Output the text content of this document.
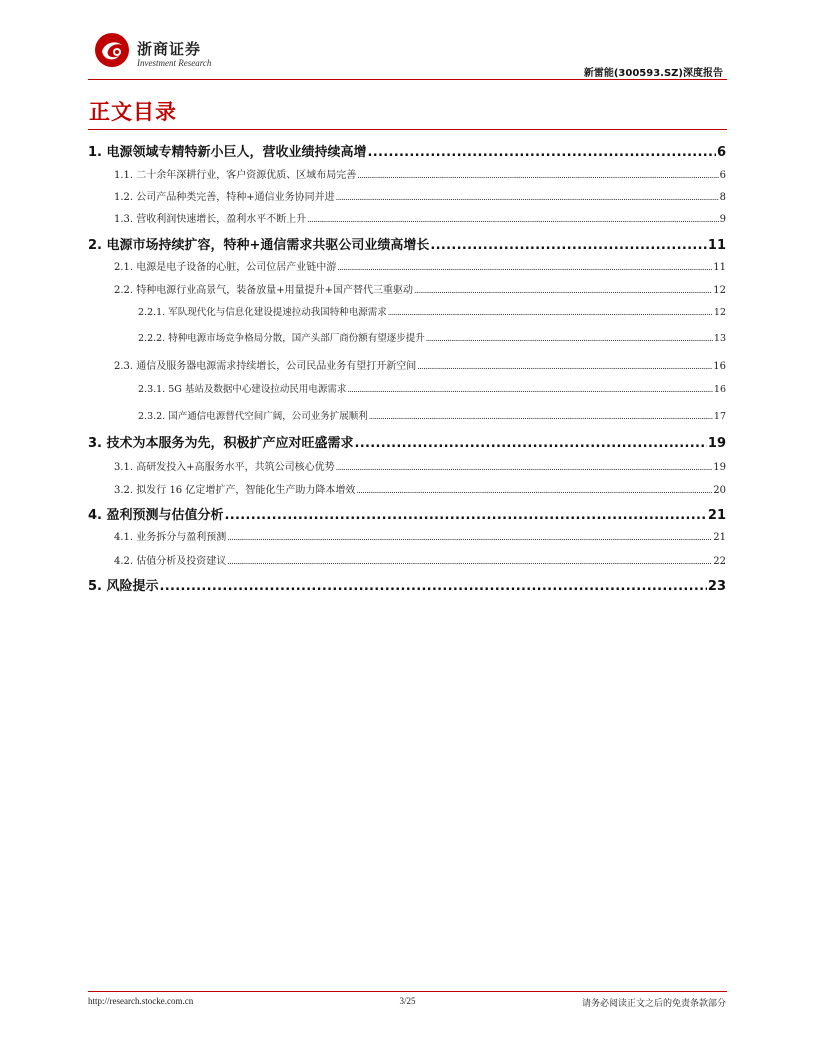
浙商证券
Investment Research
新雷能(300593.SZ)深度报告
正文目录
1. 电源领域专精特新小巨人，营收业绩持续高增 .....	6
1.1. 二十余年深耕行业，客户资源优质、区域布局完善 .....	6
1.2. 公司产品种类完善，特种+通信业务协同并进 .....	8
1.3. 营收利润快速增长，盈利水平不断上升 .....	9
2. 电源市场持续扩容，特种+通信需求共驱公司业绩高增长 .....	11
2.1. 电源是电子设备的心脏，公司位居产业链中游 .....	11
2.2. 特种电源行业高景气，装备放量+用量提升+国产替代三重驱动 .....	12
2.2.1. 军队现代化与信息化建设提速拉动我国特种电源需求 .....	12
2.2.2. 特种电源市场竞争格局分散，国产头部厂商份额有望逐步提升 .....	13
2.3. 通信及服务器电源需求持续增长，公司民品业务有望打开新空间 .....	16
2.3.1. 5G 基站及数据中心建设拉动民用电源需求 .....	16
2.3.2. 国产通信电源替代空间广阔，公司业务扩展顺利 .....	17
3. 技术为本服务为先，积极扩产应对旺盛需求 .....	19
3.1. 高研发投入+高服务水平，共筑公司核心优势 .....	19
3.2. 拟发行 16 亿定增扩产，智能化生产助力降本增效 .....	20
4. 盈利预测与估值分析 .....	21
4.1. 业务拆分与盈利预测 .....	21
4.2. 估值分析及投资建议 .....	22
5. 风险提示 .....	23
http://research.stocke.com.cn	3/25	请务必阅读正文之后的免责条款部分
